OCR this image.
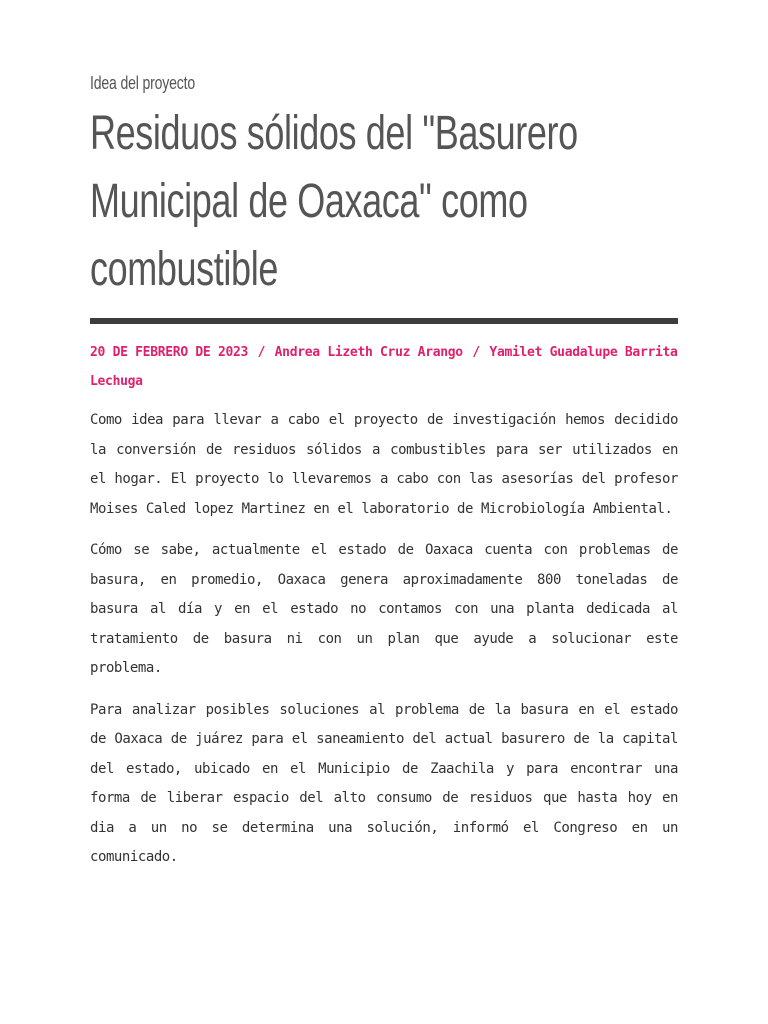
Idea del proyecto
Residuos sólidos del "Basurero Municipal de Oaxaca" como combustible
20 DE FEBRERO DE 2023 / Andrea Lizeth Cruz Arango / Yamilet Guadalupe Barrita Lechuga

Como idea para llevar a cabo el proyecto de investigación hemos decidido la conversión de residuos sólidos a combustibles para ser utilizados en el hogar. El proyecto lo llevaremos a cabo con las asesorías del profesor Moises Caled lopez Martinez en el laboratorio de Microbiología Ambiental.

Cómo se sabe, actualmente el estado de Oaxaca cuenta con problemas de basura, en promedio, Oaxaca genera aproximadamente 800 toneladas de basura al día y en el estado no contamos con una planta dedicada al tratamiento de basura ni con un plan que ayude a solucionar este problema.

Para analizar posibles soluciones al problema de la basura en el estado de Oaxaca de juárez para el saneamiento del actual basurero de la capital del estado, ubicado en el Municipio de Zaachila y para encontrar una forma de liberar espacio del alto consumo de residuos que hasta hoy en dia a un no se determina una solución, informó el Congreso en un comunicado.
